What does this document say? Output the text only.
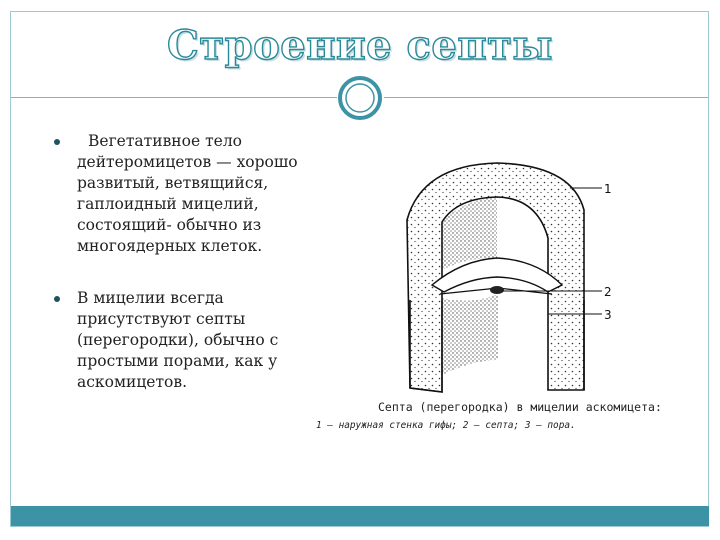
Строение септы
Вегетативное тело дейтеромицетов — хорошо развитый, ветвящийся, гаплоидный мицелий, состоящий- обычно из многоядерных клеток.
В мицелии всегда присутствуют септы (перегородки), обычно с простыми порами, как у аскомицетов.
1
2
3
Септа (перегородка) в мицелии аскомицета:
1 — наружная стенка гифы; 2 — септа; 3 — пора.
